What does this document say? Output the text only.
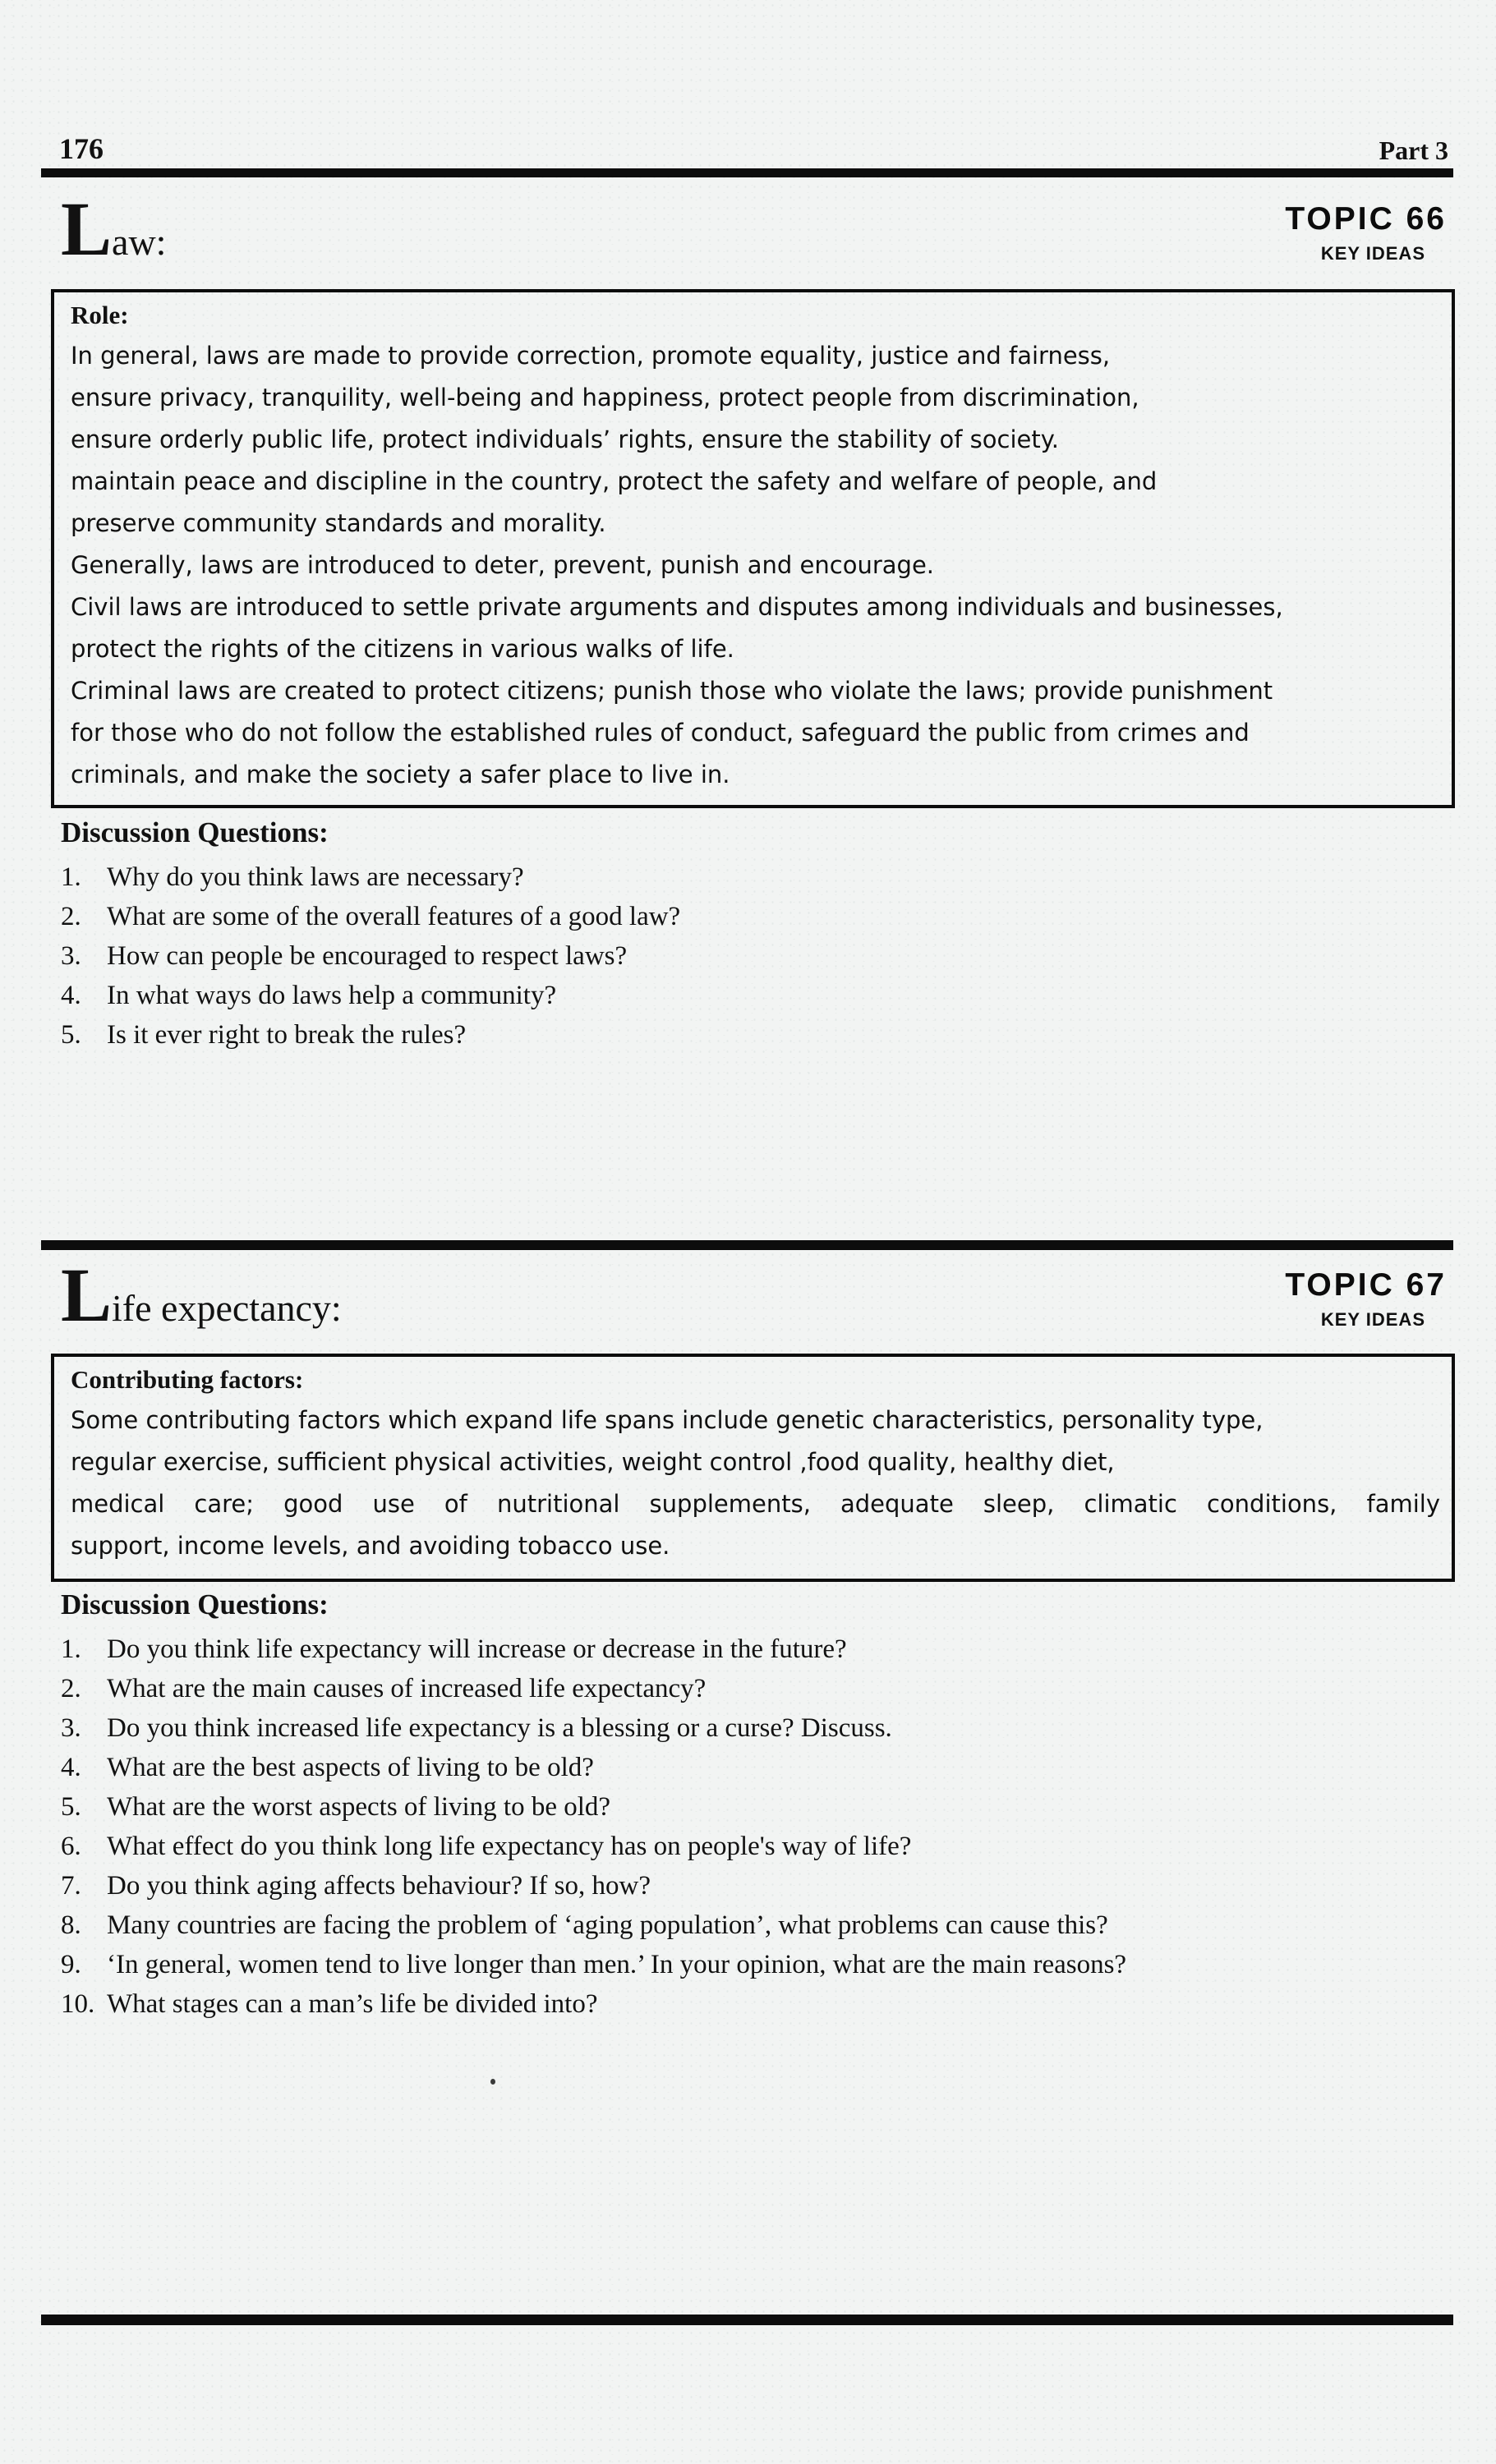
176	Part 3
Law:
TOPIC 66
KEY IDEAS
Role:
In general, laws are made to provide correction, promote equality, justice and fairness,
ensure privacy, tranquility, well-being and happiness, protect people from discrimination,
ensure orderly public life, protect individuals’ rights, ensure the stability of society.
maintain peace and discipline in the country, protect the safety and welfare of people, and
preserve community standards and morality.
Generally, laws are introduced to deter, prevent, punish and encourage.
Civil laws are introduced to settle private arguments and disputes among individuals and businesses,
protect the rights of the citizens in various walks of life.
Criminal laws are created to protect citizens; punish those who violate the laws; provide punishment
for those who do not follow the established rules of conduct, safeguard the public from crimes and
criminals, and make the society a safer place to live in.
Discussion Questions:
1. Why do you think laws are necessary?
2. What are some of the overall features of a good law?
3. How can people be encouraged to respect laws?
4. In what ways do laws help a community?
5. Is it ever right to break the rules?
Life expectancy:
TOPIC 67
KEY IDEAS
Contributing factors:
Some contributing factors which expand life spans include genetic characteristics, personality type,
regular exercise, sufficient physical activities, weight control ,food quality, healthy diet,
medical care; good use of nutritional supplements, adequate sleep, climatic conditions, family
support, income levels, and avoiding tobacco use.
Discussion Questions:
1. Do you think life expectancy will increase or decrease in the future?
2. What are the main causes of increased life expectancy?
3. Do you think increased life expectancy is a blessing or a curse? Discuss.
4. What are the best aspects of living to be old?
5. What are the worst aspects of living to be old?
6. What effect do you think long life expectancy has on people's way of life?
7. Do you think aging affects behaviour? If so, how?
8. Many countries are facing the problem of ‘aging population’, what problems can cause this?
9. ‘In general, women tend to live longer than men.’ In your opinion, what are the main reasons?
10. What stages can a man’s life be divided into?
